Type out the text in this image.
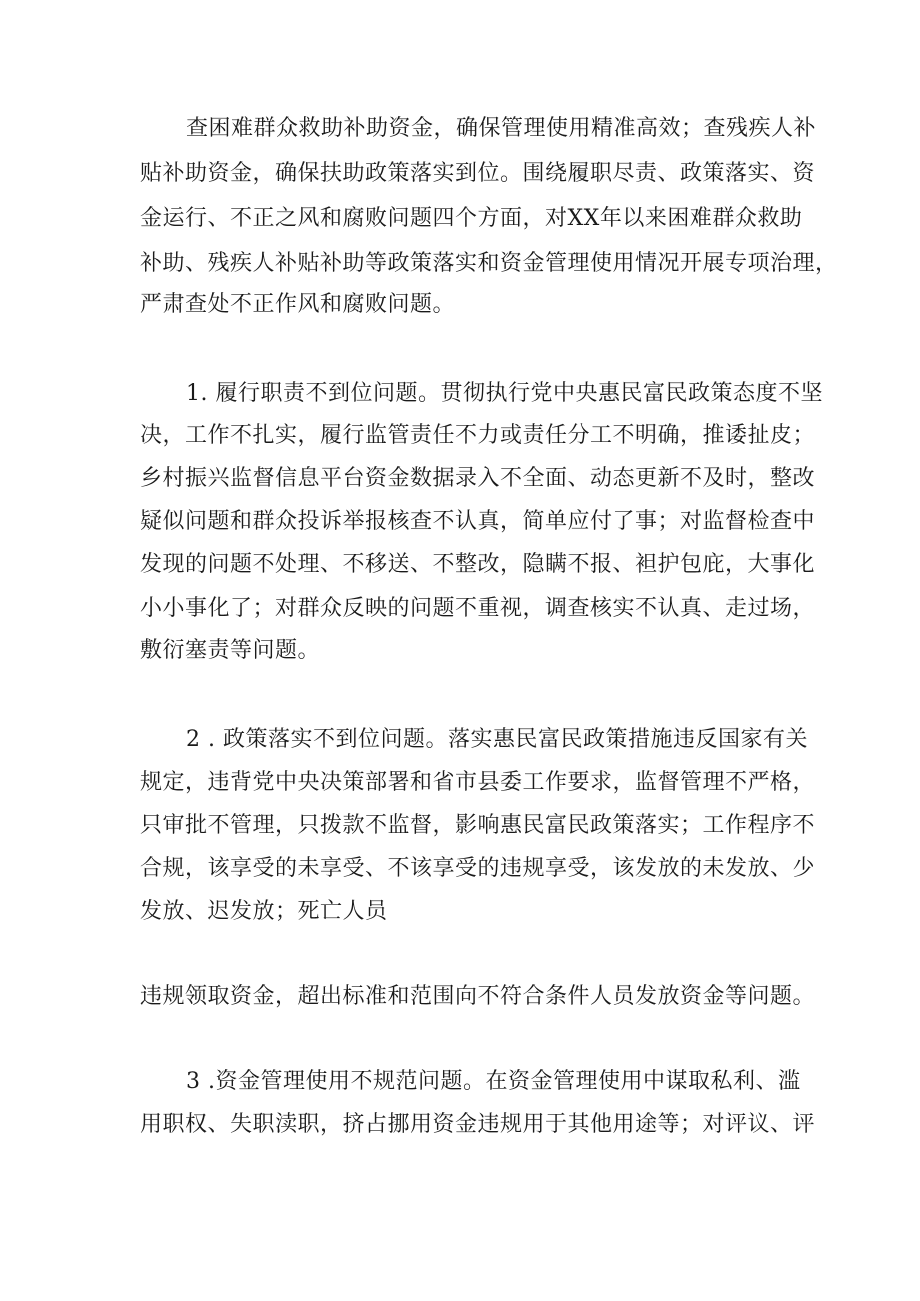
查困难群众救助补助资金，确保管理使用精准高效；查残疾人补
贴补助资金，确保扶助政策落实到位。围绕履职尽责、政策落实、资
金运行、不正之风和腐败问题四个方面，对XX年以来困难群众救助
补助、残疾人补贴补助等政策落实和资金管理使用情况开展专项治理，
严肃查处不正作风和腐败问题。
1. 履行职责不到位问题。贯彻执行党中央惠民富民政策态度不坚
决，工作不扎实，履行监管责任不力或责任分工不明确，推诿扯皮；
乡村振兴监督信息平台资金数据录入不全面、动态更新不及时，整改
疑似问题和群众投诉举报核查不认真，简单应付了事；对监督检查中
发现的问题不处理、不移送、不整改，隐瞒不报、袒护包庇，大事化
小小事化了；对群众反映的问题不重视，调查核实不认真、走过场，
敷衍塞责等问题。
2 . 政策落实不到位问题。落实惠民富民政策措施违反国家有关
规定，违背党中央决策部署和省市县委工作要求，监督管理不严格，
只审批不管理，只拨款不监督，影响惠民富民政策落实；工作程序不
合规，该享受的未享受、不该享受的违规享受，该发放的未发放、少
发放、迟发放；死亡人员
违规领取资金，超出标准和范围向不符合条件人员发放资金等问题。
3 .资金管理使用不规范问题。在资金管理使用中谋取私利、滥
用职权、失职渎职，挤占挪用资金违规用于其他用途等；对评议、评
